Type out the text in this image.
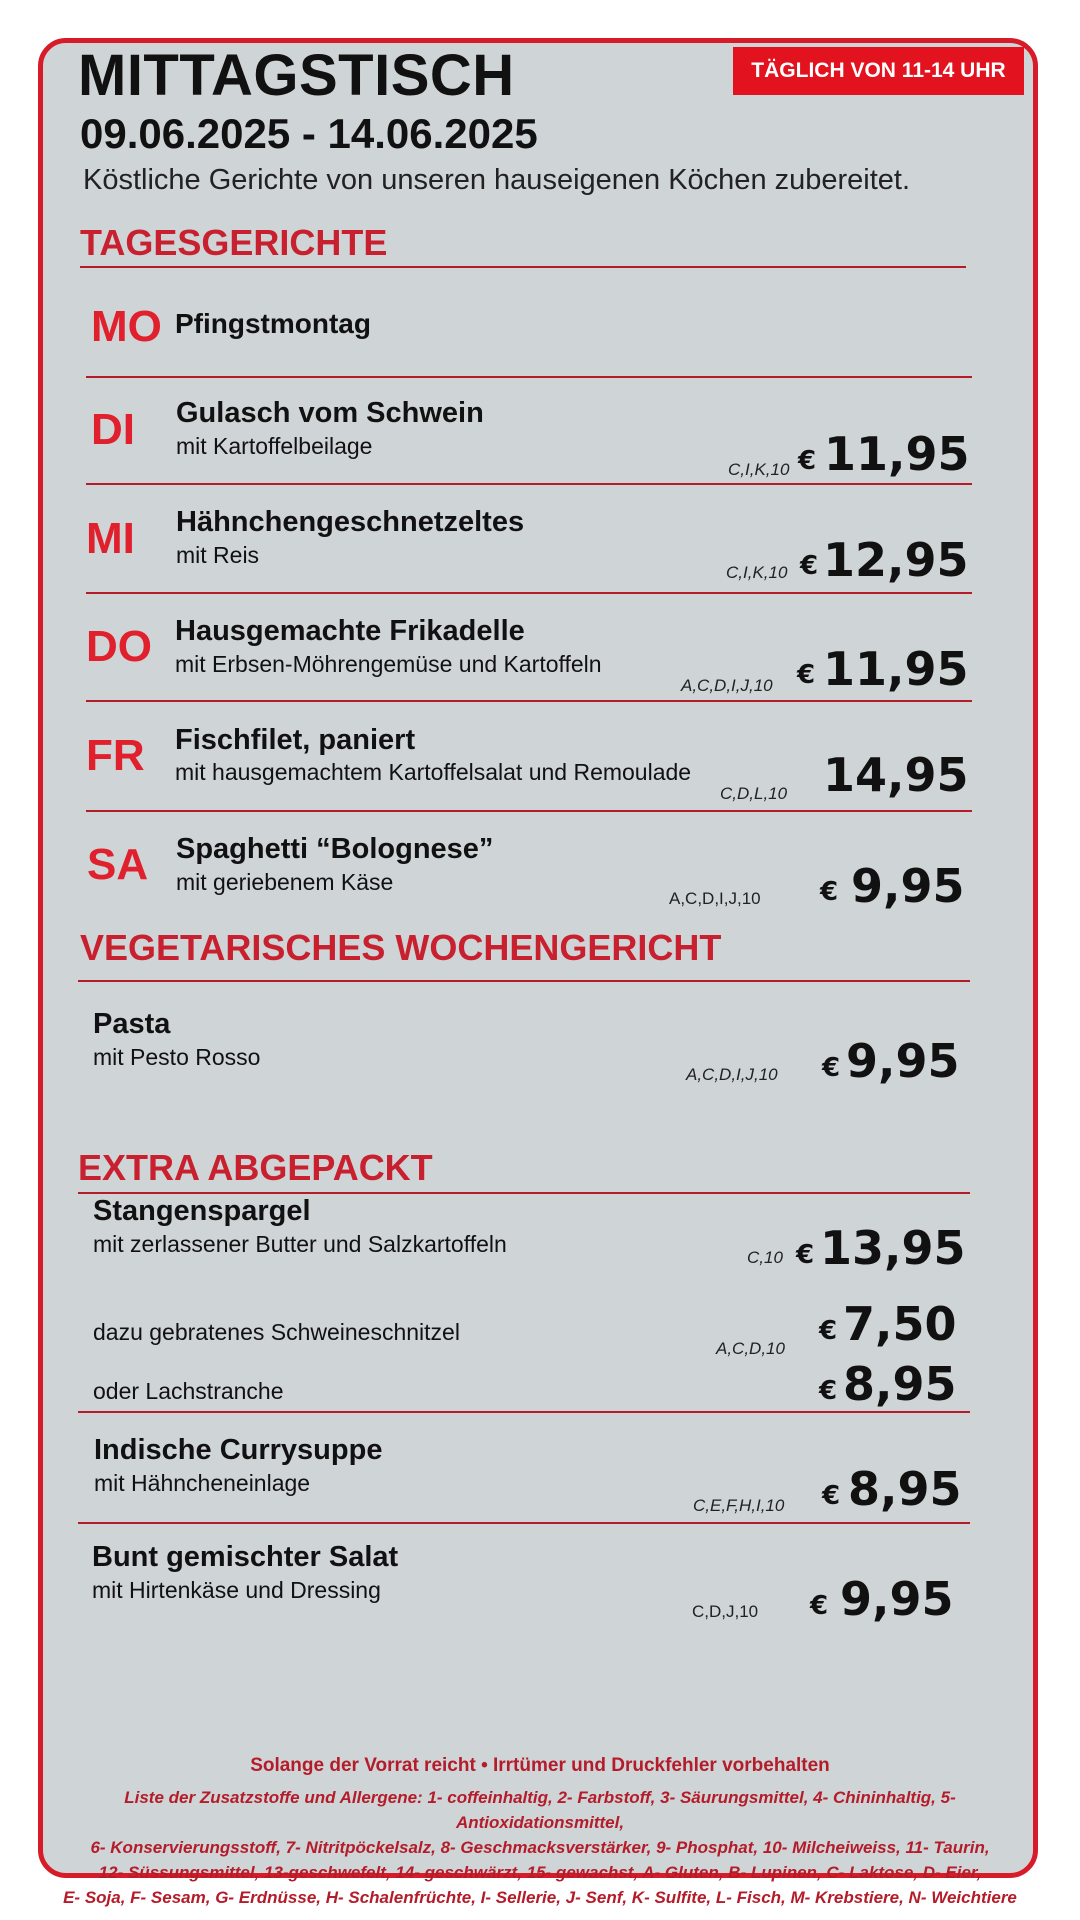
MITTAGSTISCH	TÄGLICH VON 11-14 UHR
09.06.2025 - 14.06.2025
Köstliche Gerichte von unseren hauseigenen Köchen zubereitet.
TAGESGERICHTE
MO Pfingstmontag
DI Gulasch vom Schwein
mit Kartoffelbeilage
C,I,K,10 € 11,95
MI Hähnchengeschnetzeltes
mit Reis
C,I,K,10 € 12,95
DO Hausgemachte Frikadelle
mit Erbsen-Möhrengemüse und Kartoffeln
A,C,D,I,J,10 € 11,95
FR Fischfilet, paniert
mit hausgemachtem Kartoffelsalat und Remoulade
C,D,L,10 14,95
SA Spaghetti “Bolognese”
mit geriebenem Käse
A,C,D,I,J,10 € 9,95
VEGETARISCHES WOCHENGERICHT
Pasta
mit Pesto Rosso
A,C,D,I,J,10 € 9,95
EXTRA ABGEPACKT
Stangenspargel
mit zerlassener Butter und Salzkartoffeln
C,10 € 13,95
dazu gebratenes Schweineschnitzel
A,C,D,10
€ 7,50
oder Lachstranche	€ 8,95
Indische Currysuppe
mit Hähncheneinlage
C,E,F,H,I,10 € 8,95
Bunt gemischter Salat
mit Hirtenkäse und Dressing
C,D,J,10 € 9,95
Solange der Vorrat reicht • Irrtümer und Druckfehler vorbehalten
Liste der Zusatzstoffe und Allergene: 1- coffeinhaltig, 2- Farbstoff, 3- Säurungsmittel, 4- Chininhaltig, 5- Antioxidationsmittel,
6- Konservierungsstoff, 7- Nitritpöckelsalz, 8- Geschmacksverstärker, 9- Phosphat, 10- Milcheiweiss, 11- Taurin,
12- Süssungsmittel, 13-geschwefelt, 14- geschwärzt, 15- gewachst, A- Gluten, B- Lupinen, C- Laktose, D- Eier,
E- Soja, F- Sesam, G- Erdnüsse, H- Schalenfrüchte, I- Sellerie, J- Senf, K- Sulfite, L- Fisch, M- Krebstiere, N- Weichtiere
